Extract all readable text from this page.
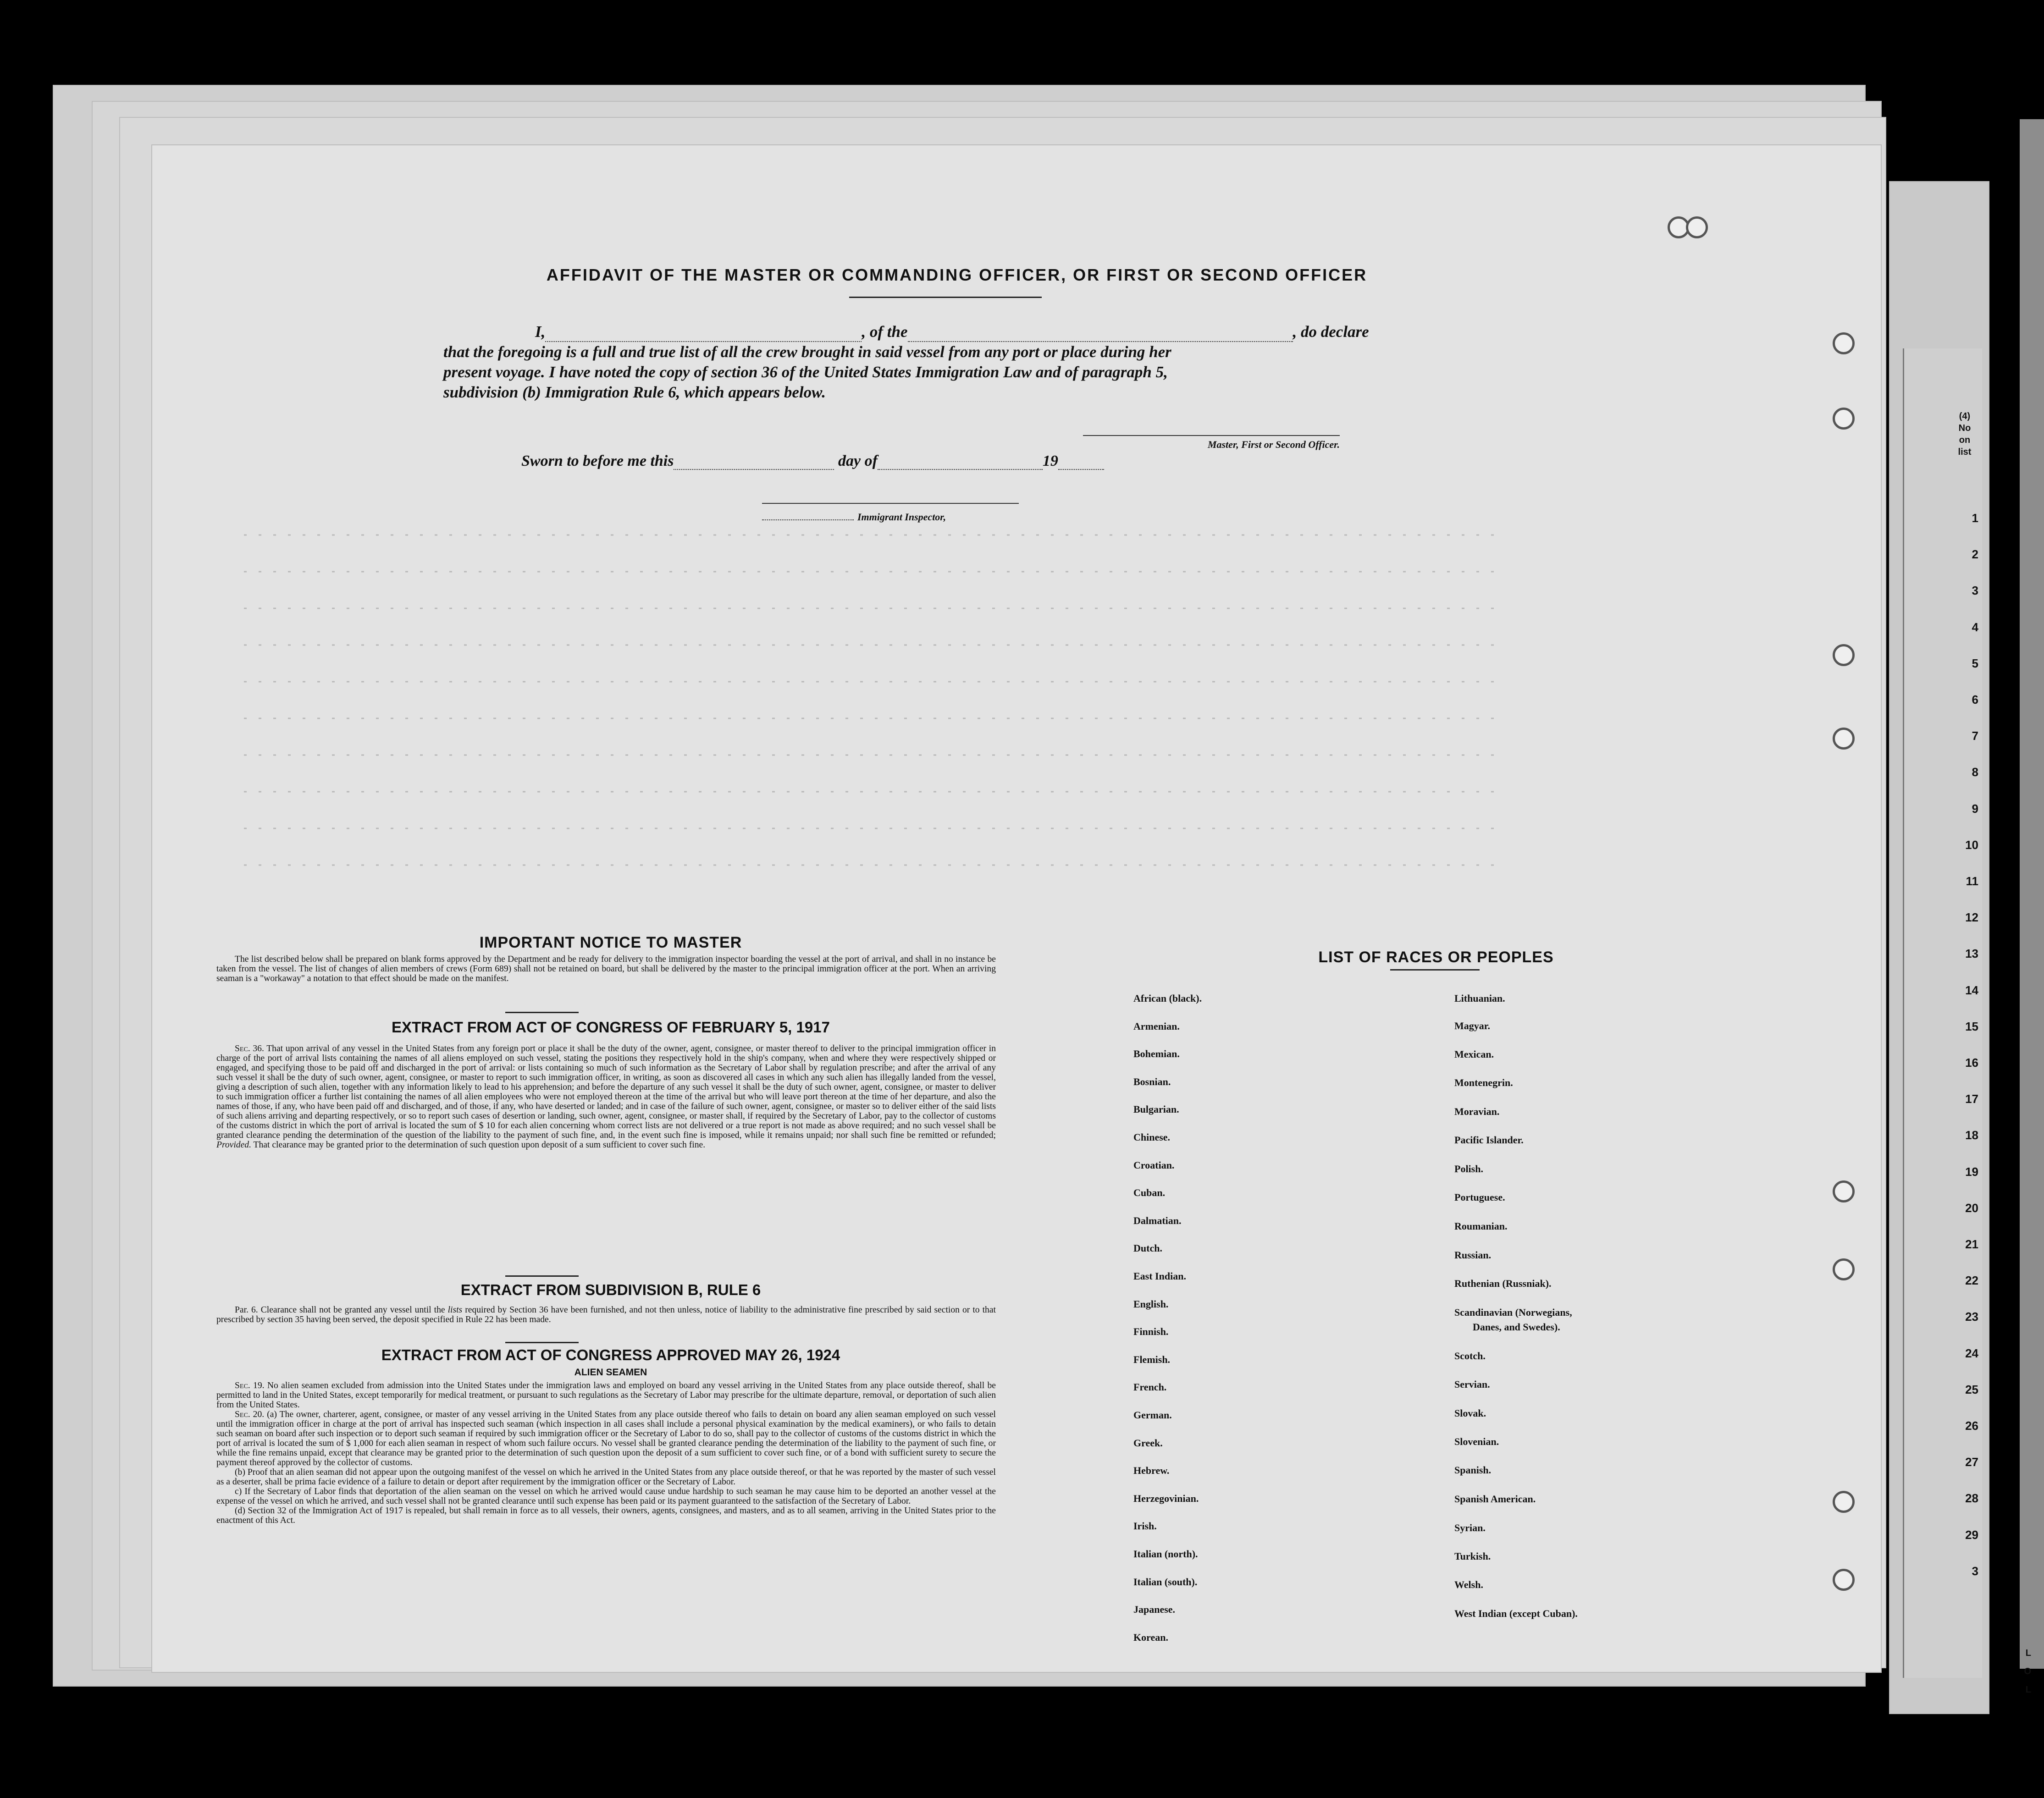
(4)
No
on
list
AFFIDAVIT OF THE MASTER OR COMMANDING OFFICER, OR FIRST OR SECOND OFFICER
I,	, of the	, do declare
that the foregoing is a full and true list of all the crew brought in said vessel from any port or place during her
present voyage. I have noted the copy of section 36 of the United States Immigration Law and of paragraph 5,
subdivision (b) Immigration Rule 6, which appears below.
Master, First or Second Officer.
Sworn to before me this	day of	19
Immigrant Inspector,
IMPORTANT NOTICE TO MASTER

The list described below shall be prepared on blank forms approved by the Department and be ready for delivery to the immigration inspector boarding the vessel at the port of arrival, and shall in no instance be taken from the vessel. The list of changes of alien members of crews (Form 689) shall not be retained on board, but shall be delivered by the master to the principal immigration officer at the port. When an arriving seaman is a "workaway" a notation to that effect should be made on the manifest.

EXTRACT FROM ACT OF CONGRESS OF FEBRUARY 5, 1917

Sec. 36. That upon arrival of any vessel in the United States from any foreign port or place it shall be the duty of the owner, agent, consignee, or master thereof to deliver to the principal immigration officer in charge of the port of arrival lists containing the names of all aliens employed on such vessel, stating the positions they respectively hold in the ship's company, when and where they were respectively shipped or engaged, and specifying those to be paid off and discharged in the port of arrival: or lists containing so much of such information as the Secretary of Labor shall by regulation prescribe; and after the arrival of any such vessel it shall be the duty of such owner, agent, consignee, or master to report to such immigration officer, in writing, as soon as discovered all cases in which any such alien has illegally landed from the vessel, giving a description of such alien, together with any information likely to lead to his apprehension; and before the departure of any such vessel it shall be the duty of such owner, agent, consignee, or master to deliver to such immigration officer a further list containing the names of all alien employees who were not employed thereon at the time of the arrival but who will leave port thereon at the time of her departure, and also the names of those, if any, who have been paid off and discharged, and of those, if any, who have deserted or landed; and in case of the failure of such owner, agent, consignee, or master so to deliver either of the said lists of such aliens arriving and departing respectively, or so to report such cases of desertion or landing, such owner, agent, consignee, or master shall, if required by the Secretary of Labor, pay to the collector of customs of the customs district in which the port of arrival is located the sum of $ 10 for each alien concerning whom correct lists are not delivered or a true report is not made as above required; and no such vessel shall be granted clearance pending the determination of the question of the liability to the payment of such fine, and, in the event such fine is imposed, while it remains unpaid; nor shall such fine be remitted or refunded; Provided. That clearance may be granted prior to the determination of such question upon deposit of a sum sufficient to cover such fine.

EXTRACT FROM SUBDIVISION B, RULE 6

Par. 6. Clearance shall not be granted any vessel until the lists required by Section 36 have been furnished, and not then unless, notice of liability to the administrative fine prescribed by said section or to that prescribed by section 35 having been served, the deposit specified in Rule 22 has been made.

EXTRACT FROM ACT OF CONGRESS APPROVED MAY 26, 1924
ALIEN SEAMEN

Sec. 19. No alien seamen excluded from admission into the United States under the immigration laws and employed on board any vessel arriving in the United States from any place outside thereof, shall be permitted to land in the United States, except temporarily for medical treatment, or pursuant to such regulations as the Secretary of Labor may prescribe for the ultimate departure, removal, or deportation of such alien from the United States.

Sec. 20. (a) The owner, charterer, agent, consignee, or master of any vessel arriving in the United States from any place outside thereof who fails to detain on board any alien seaman employed on such vessel until the immigration officer in charge at the port of arrival has inspected such seaman (which inspection in all cases shall include a personal physical examination by the medical examiners), or who fails to detain such seaman on board after such inspection or to deport such seaman if required by such immigration officer or the Secretary of Labor to do so, shall pay to the collector of customs of the customs district in which the port of arrival is located the sum of $ 1,000 for each alien seaman in respect of whom such failure occurs. No vessel shall be granted clearance pending the determination of the liability to the payment of such fine, or while the fine remains unpaid, except that clearance may be granted prior to the determination of such question upon the deposit of a sum sufficient to cover such fine, or of a bond with sufficient surety to secure the payment thereof approved by the collector of customs.

(b) Proof that an alien seaman did not appear upon the outgoing manifest of the vessel on which he arrived in the United States from any place outside thereof, or that he was reported by the master of such vessel as a deserter, shall be prima facie evidence of a failure to detain or deport after requirement by the immigration officer or the Secretary of Labor.

c) If the Secretary of Labor finds that deportation of the alien seaman on the vessel on which he arrived would cause undue hardship to such seaman he may cause him to be deported an another vessel at the expense of the vessel on which he arrived, and such vessel shall not be granted clearance until such expense has been paid or its payment guaranteed to the satisfaction of the Secretary of Labor.

(d) Section 32 of the Immigration Act of 1917 is repealed, but shall remain in force as to all vessels, their owners, agents, consignees, and masters, and as to all seamen, arriving in the United States prior to the enactment of this Act.

LIST OF RACES OR PEOPLES
African (black).
Armenian.
Bohemian.
Bosnian.
Bulgarian.
Chinese.
Croatian.
Cuban.
Dalmatian.
Dutch.
East Indian.
English.
Finnish.
Flemish.
French.
German.
Greek.
Hebrew.
Herzegovinian.
Irish.
Italian (north).
Italian (south).
Japanese.
Korean.
Lithuanian.
Magyar.
Mexican.
Montenegrin.
Moravian.
Pacific Islander.
Polish.
Portuguese.
Roumanian.
Russian.
Ruthenian (Russniak).
Scandinavian (Norwegians,
Danes, and Swedes).
Scotch.
Servian.
Slovak.
Slovenian.
Spanish.
Spanish American.
Syrian.
Turkish.
Welsh.
West Indian (except Cuban).
1
2
3
4
5
6
7
8
9
10
11
12
13
14
15
16
17
18
19
20
21
22
23
24
25
26
27
28
29
3
L
O
L
